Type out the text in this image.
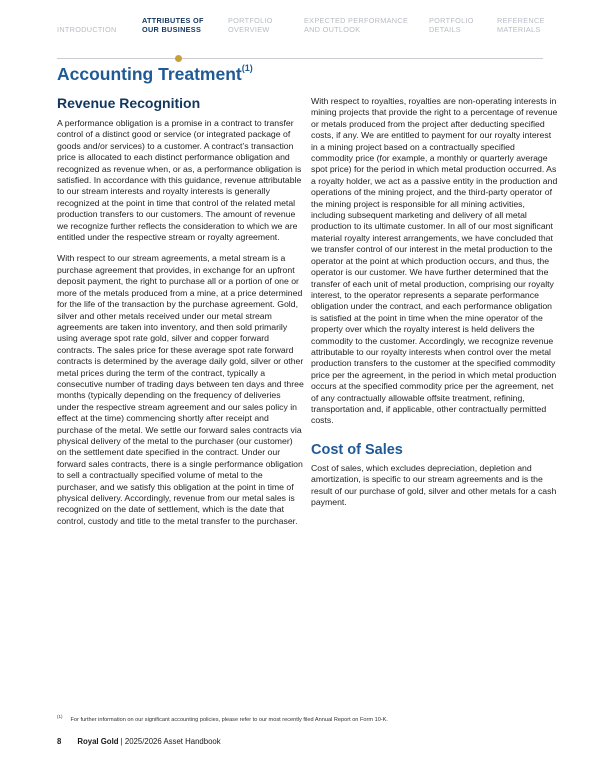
INTRODUCTION
ATTRIBUTES OF
OUR BUSINESS
PORTFOLIO
OVERVIEW
EXPECTED PERFORMANCE
AND OUTLOOK
PORTFOLIO
DETAILS
REFERENCE
MATERIALS
Accounting Treatment$^{(1)}$
Revenue Recognition

A performance obligation is a promise in a contract to transfer control of a distinct good or service (or integrated package of goods and/or services) to a customer. A contract’s transaction price is allocated to each distinct performance obligation and recognized as revenue when, or as, a performance obligation is satisfied. In accordance with this guidance, revenue attributable to our stream interests and royalty interests is generally recognized at the point in time that control of the related metal production transfers to our customers. The amount of revenue we recognize further reflects the consideration to which we are entitled under the respective stream or royalty agreement.

With respect to our stream agreements, a metal stream is a purchase agreement that provides, in exchange for an upfront deposit payment, the right to purchase all or a portion of one or more of the metals produced from a mine, at a price determined for the life of the transaction by the purchase agreement. Gold, silver and other metals received under our metal stream agreements are taken into inventory, and then sold primarily using average spot rate gold, silver and copper forward contracts. The sales price for these average spot rate forward contracts is determined by the average daily gold, silver or other metal prices during the term of the contract, typically a consecutive number of trading days between ten days and three months (typically depending on the frequency of deliveries under the respective stream agreement and our sales policy in effect at the time) commencing shortly after receipt and purchase of the metal. We settle our forward sales contracts via physical delivery of the metal to the purchaser (our customer) on the settlement date specified in the contract. Under our forward sales contracts, there is a single performance obligation to sell a contractually specified volume of metal to the purchaser, and we satisfy this obligation at the point in time of physical delivery. Accordingly, revenue from our metal sales is recognized on the date of settlement, which is the date that control, custody and title to the metal transfer to the purchaser.

With respect to royalties, royalties are non-operating interests in mining projects that provide the right to a percentage of revenue or metals produced from the project after deducting specified costs, if any. We are entitled to payment for our royalty interest in a mining project based on a contractually specified commodity price (for example, a monthly or quarterly average spot price) for the period in which metal production occurred. As a royalty holder, we act as a passive entity in the production and operations of the mining project, and the third-party operator of the mining project is responsible for all mining activities, including subsequent marketing and delivery of all metal production to its ultimate customer. In all of our most significant material royalty interest arrangements, we have concluded that we transfer control of our interest in the metal production to the operator at the point at which production occurs, and thus, the operator is our customer. We have further determined that the transfer of each unit of metal production, comprising our royalty interest, to the operator represents a separate performance obligation under the contract, and each performance obligation is satisfied at the point in time when the mine operator of the property over which the royalty interest is held delivers the commodity to the customer. Accordingly, we recognize revenue attributable to our royalty interests when control over the metal production transfers to the customer at the specified commodity price per the agreement, in the period in which metal production occurs at the specified commodity price per the agreement, net of any contractually allowable offsite treatment, refining, transportation and, if applicable, other contractually permitted costs.

Cost of Sales

Cost of sales, which excludes depreciation, depletion and amortization, is specific to our stream agreements and is the result of our purchase of gold, silver and other metals for a cash payment.

$^{(1)}$For further information on our significant accounting policies, please refer to our most recently filed Annual Report on Form 10-K.
8 Royal Gold | 2025/2026 Asset Handbook
